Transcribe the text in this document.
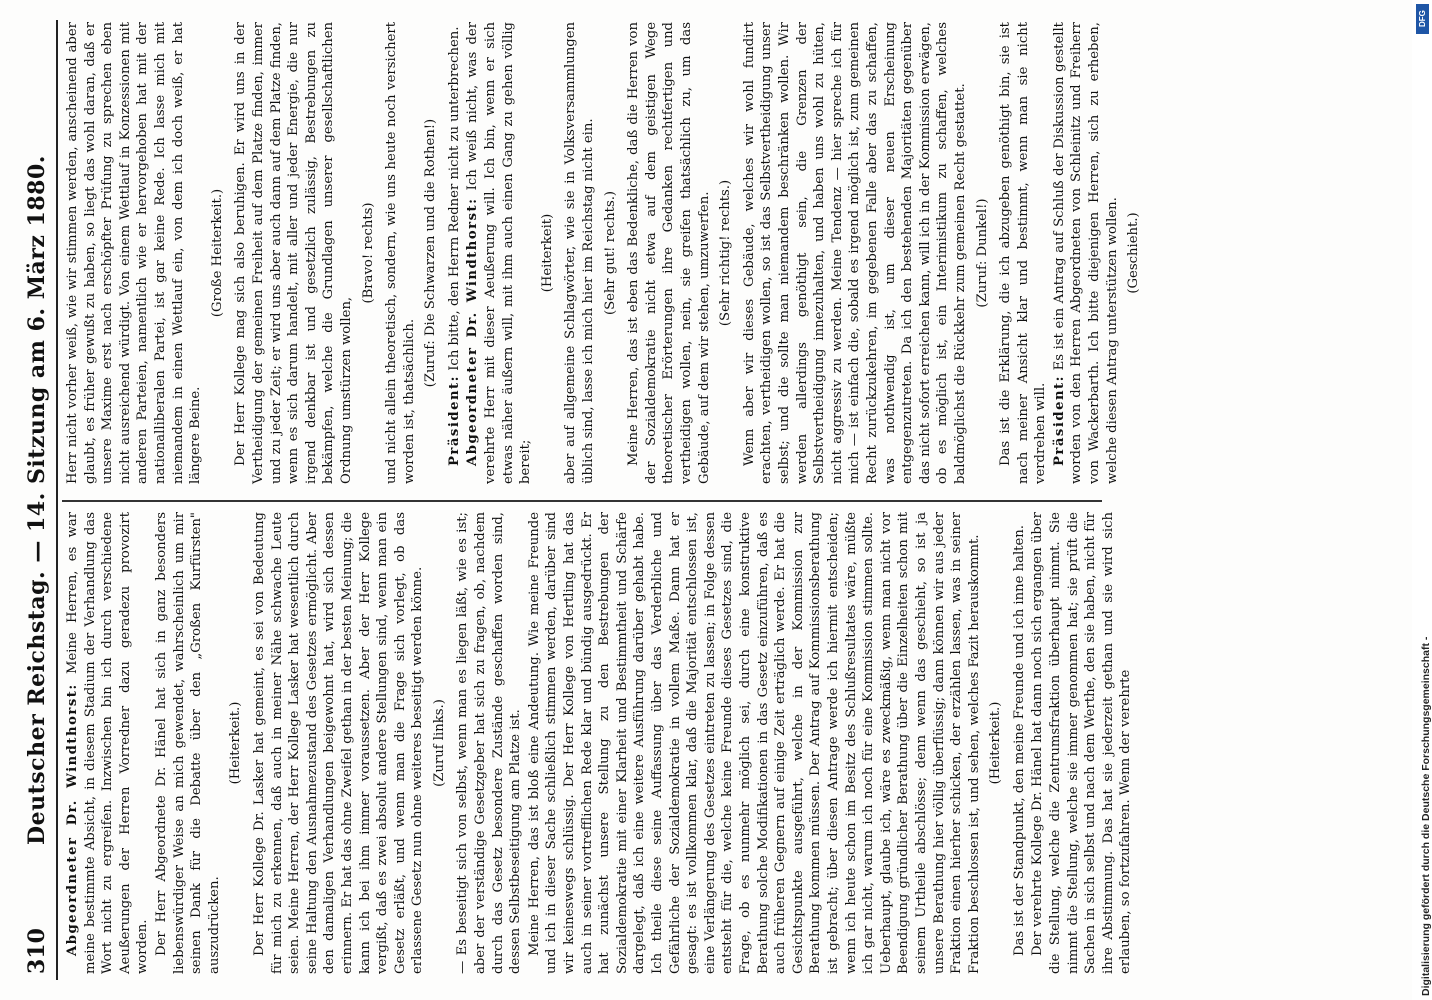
310
Deutscher Reichstag. — 14. Sitzung am 6. März 1880. Abgeordneter Dr. Windthorst: Meine Herren, es war meine bestimmte Absicht, in diesem Stadium der Verhandlung das Wort nicht zu ergreifen. Inzwischen bin ich durch verschiedene Aeußerungen der Herren Vorredner dazu geradezu provozirt worden. Der Herr Abgeordnete Dr. Hänel hat sich in ganz besonders liebenswürdiger Weise an mich gewendet, wahrscheinlich um mir seinen Dank für die Debatte über den „Großen Kurfürsten" auszudrücken.

(Heiterkeit.) Der Herr Kollege Dr. Lasker hat gemeint, es sei von Bedeutung für mich zu erkennen, daß auch in meiner Nähe schwache Leute seien. Meine Herren, der Herr Kollege Lasker hat wesentlich durch seine Haltung den Ausnahmezustand des Gesetzes ermöglicht. Aber den damaligen Verhandlungen beigewohnt hat, wird sich dessen erinnern. Er hat das ohne Zweifel gethan in der besten Meinung; die kann ich bei ihm immer voraussetzen. Aber der Herr Kollege vergißt, daß es zwei absolut andere Stellungen sind, wenn man ein Gesetz erläßt, und wenn man die Frage sich vorlegt, ob das erlassene Gesetz nun ohne weiteres beseitigt werden könne. (Zuruf links.) — Es beseitigt sich von selbst, wenn man es liegen läßt, wie es ist; aber der verständige Gesetzgeber hat sich zu fragen, ob, nachdem durch das Gesetz besondere Zustände geschaffen worden sind, dessen Selbstbeseitigung am Platze ist. Meine Herren, das ist bloß eine Andeutung. Wie meine Freunde und ich in dieser Sache schließlich stimmen werden, darüber sind wir keineswegs schlüssig. Der Herr Kollege von Hertling hat das auch in seiner vortrefflichen Rede klar und bündig ausgedrückt. Er hat zunächst unsere Stellung zu den Bestrebungen der Sozialdemokratie mit einer Klarheit und Bestimmtheit und Schärfe dargelegt, daß ich eine weitere Ausführung darüber gehabt habe. Ich theile diese seine Auffassung über das Verderbliche und Gefährliche der Sozialdemokratie in vollem Maße. Dann hat er gesagt: es ist vollkommen klar, daß die Majorität entschlossen ist, eine Verlängerung des Gesetzes eintreten zu lassen; in Folge dessen entsteht für die, welche keine Freunde dieses Gesetzes sind, die Frage, ob es nunmehr möglich sei, durch eine konstruktive Berathung solche Modifikationen in das Gesetz einzuführen, daß es auch früheren Gegnern auf einige Zeit erträglich werde. Er hat die Gesichtspunkte ausgeführt, welche in der Kommission zur Berathung kommen müssen. Der Antrag auf Kommissionsberathung ist gebracht; über diesen Antrage werde ich hiermit entscheiden; wenn ich heute schon im Besitz des Schlußresultates wäre, müßte ich gar nicht, warum ich noch für eine Kommission stimmen sollte. Ueberhaupt, glaube ich, wäre es zweckmäßig, wenn man nicht vor Beendigung gründlicher Berathung über die Einzelheiten schon mit seinem Urtheile abschlösse; denn wenn das geschieht, so ist ja unsere Berathung hier völlig überflüssig; dann können wir aus jeder Fraktion einen hierher schicken, der erzählen lassen, was in seiner Fraktion beschlossen ist, und sehen, welches Fazit herauskommt. (Heiterkeit.) Das ist der Standpunkt, den meine Freunde und ich inne halten. Der verehrte Kollege Dr. Hänel hat dann noch sich ergangen über die Stellung, welche die Zentrumsfraktion überhaupt nimmt. Sie nimmt die Stellung, welche sie immer genommen hat; sie prüft die Sachen in sich selbst und nach dem Werthe, den sie haben, nicht für ihre Abstimmung. Das hat sie jederzeit gethan und sie wird sich erlauben, so fortzufahren. Wenn der verehrte

Herr nicht vorher weiß, wie wir stimmen werden, anscheinend aber glaubt, es früher gewußt zu haben, so liegt das wohl daran, daß er unsere Maxime erst nach erschöpfter Prüfung zu sprechen eben nicht ausreichend würdigt. Von einem Wettlauf in Konzessionen mit anderen Parteien, namentlich wie er hervorgehoben hat mit der nationalliberalen Partei, ist gar keine Rede. Ich lasse mich mit niemandem in einen Wettlauf ein, von dem ich doch weiß, er hat längere Beine.

(Große Heiterkeit.) Der Herr Kollege mag sich also beruhigen. Er wird uns in der Vertheidigung der gemeinen Freiheit auf dem Platze finden, immer und zu jeder Zeit; er wird uns aber auch dann auf dem Platze finden, wenn es sich darum handelt, mit aller und jeder Energie, die nur irgend denkbar ist und gesetzlich zulässig, Bestrebungen zu bekämpfen, welche die Grundlagen unserer gesellschaftlichen Ordnung umstürzen wollen,

(Bravo! rechts) und nicht allein theoretisch, sondern, wie uns heute noch versichert worden ist, thatsächlich.

(Zuruf: Die Schwarzen und die Rothen!)

Präsident: Ich bitte, den Herrn Redner nicht zu unterbrechen. Abgeordneter Dr. Windthorst: Ich weiß nicht, was der verehrte Herr mit dieser Aeußerung will. Ich bin, wenn er sich etwas näher äußern will, mit ihm auch einen Gang zu gehen völlig bereit;

(Heiterkeit) aber auf allgemeine Schlagwörter, wie sie in Volksversammlungen üblich sind, lasse ich mich hier im Reichstag nicht ein. (Sehr gut! rechts.) Meine Herren, das ist eben das Bedenkliche, daß die Herren von der Sozialdemokratie nicht etwa auf dem geistigen Wege theoretischer Erörterungen ihre Gedanken rechtfertigen und vertheidigen wollen, nein, sie greifen thatsächlich zu, um das Gebäude, auf dem wir stehen, umzuwerfen. (Sehr richtig! rechts.) Wenn aber wir dieses Gebäude, welches wir wohl fundirt erachten, vertheidigen wollen, so ist das Selbstvertheidigung unser selbst; und die sollte man niemandem beschränken wollen. Wir werden allerdings genöthigt sein, die Grenzen der Selbstvertheidigung innezuhalten, und haben uns wohl zu hüten, nicht aggressiv zu werden. Meine Tendenz — hier spreche ich für mich — ist einfach die, sobald es irgend möglich ist, zum gemeinen Recht zurückzukehren, im gegebenen Falle aber das zu schaffen, was nothwendig ist, um dieser neuen Erscheinung entgegenzutreten. Da ich den bestehenden Majoritäten gegenüber das nicht sofort erreichen kann, will ich in der Kommission erwägen, ob es möglich ist, ein Interimistikum zu schaffen, welches baldmöglichst die Rückkehr zum gemeinen Recht gestattet. (Zuruf: Dunkel!) Das ist die Erklärung, die ich abzugeben genöthigt bin, sie ist nach meiner Ansicht klar und bestimmt, wenn man sie nicht verdrehen will. Präsident: Es ist ein Antrag auf Schluß der Diskussion gestellt worden von den Herren Abgeordneten von Schleinitz und Freiherr von Wackerbarth. Ich bitte diejenigen Herren, sich zu erheben, welche diesen Antrag unterstützen wollen. (Geschieht.)
Digitalisierung gefördert durch die Deutsche Forschungsgemeinschaft -
DFG
